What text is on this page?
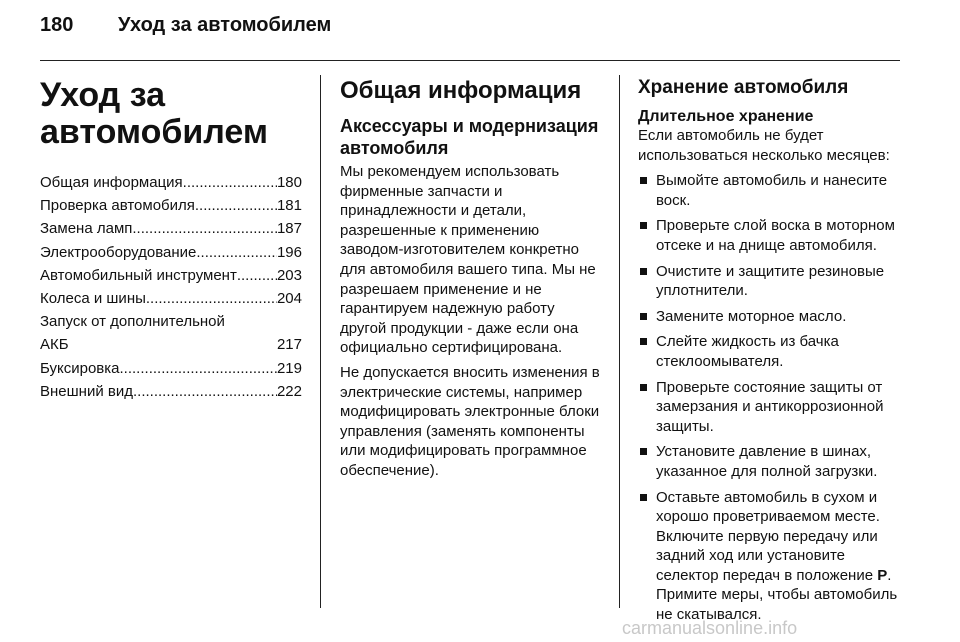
180 Уход за автомобилем
Уход за
автомобилем
Общая информация .....	180
Проверка автомобиля .....	181
Замена ламп .....	187
Электрооборудование .....	196
Автомобильный инструмент .....	203
Колеса и шины .....	204
Запуск от дополнительной
АКБ	217
Буксировка .....	219
Внешний вид .....	222
Общая информация
Аксессуары и модернизация автомобиля

Мы рекомендуем использовать фирменные запчасти и принадлежности и детали, разрешенные к применению заводом-изготовителем конкретно для автомобиля вашего типа. Мы не разрешаем применение и не гарантируем надежную работу другой продукции - даже если она официально сертифицирована.

Не допускается вносить изменения в электрические системы, например модифицировать электронные блоки управления (заменять компоненты или модифицировать программное обеспечение).

Хранение автомобиля
Длительное хранение

Если автомобиль не будет использоваться несколько месяцев:

Вымойте автомобиль и нанесите воск.
Проверьте слой воска в моторном отсеке и на днище автомобиля.
Очистите и защитите резиновые уплотнители.
Замените моторное масло.
Слейте жидкость из бачка стеклоомывателя.
Проверьте состояние защиты от замерзания и антикоррозионной защиты.
Установите давление в шинах, указанное для полной загрузки.
Оставьте автомобиль в сухом и хорошо проветриваемом месте. Включите первую передачу или задний ход или установите селектор передач в положение P. Примите меры, чтобы автомобиль не скатывался.
carmanualsonline.info
